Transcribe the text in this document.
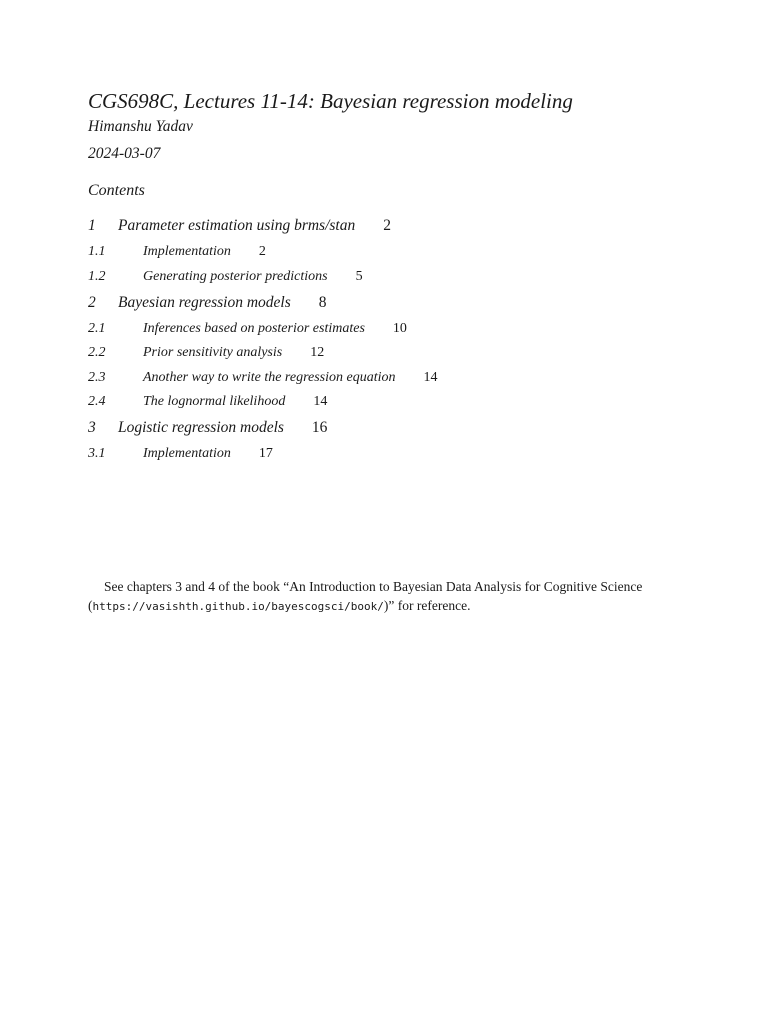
CGS698C, Lectures 11-14: Bayesian regression modeling
Himanshu Yadav
2024-03-07
Contents
1 Parameter estimation using brms/stan 2
1.1	Implementation 2
1.2	Generating posterior predictions 5
2 Bayesian regression models 8
2.1	Inferences based on posterior estimates 10
2.2	Prior sensitivity analysis 12
2.3	Another way to write the regression equation 14
2.4	The lognormal likelihood 14
3 Logistic regression models 16
3.1	Implementation 17
See chapters 3 and 4 of the book “An Introduction to Bayesian Data Analysis for Cognitive Science (https://vasishth.github.io/bayescogsci/book/)” for reference.
